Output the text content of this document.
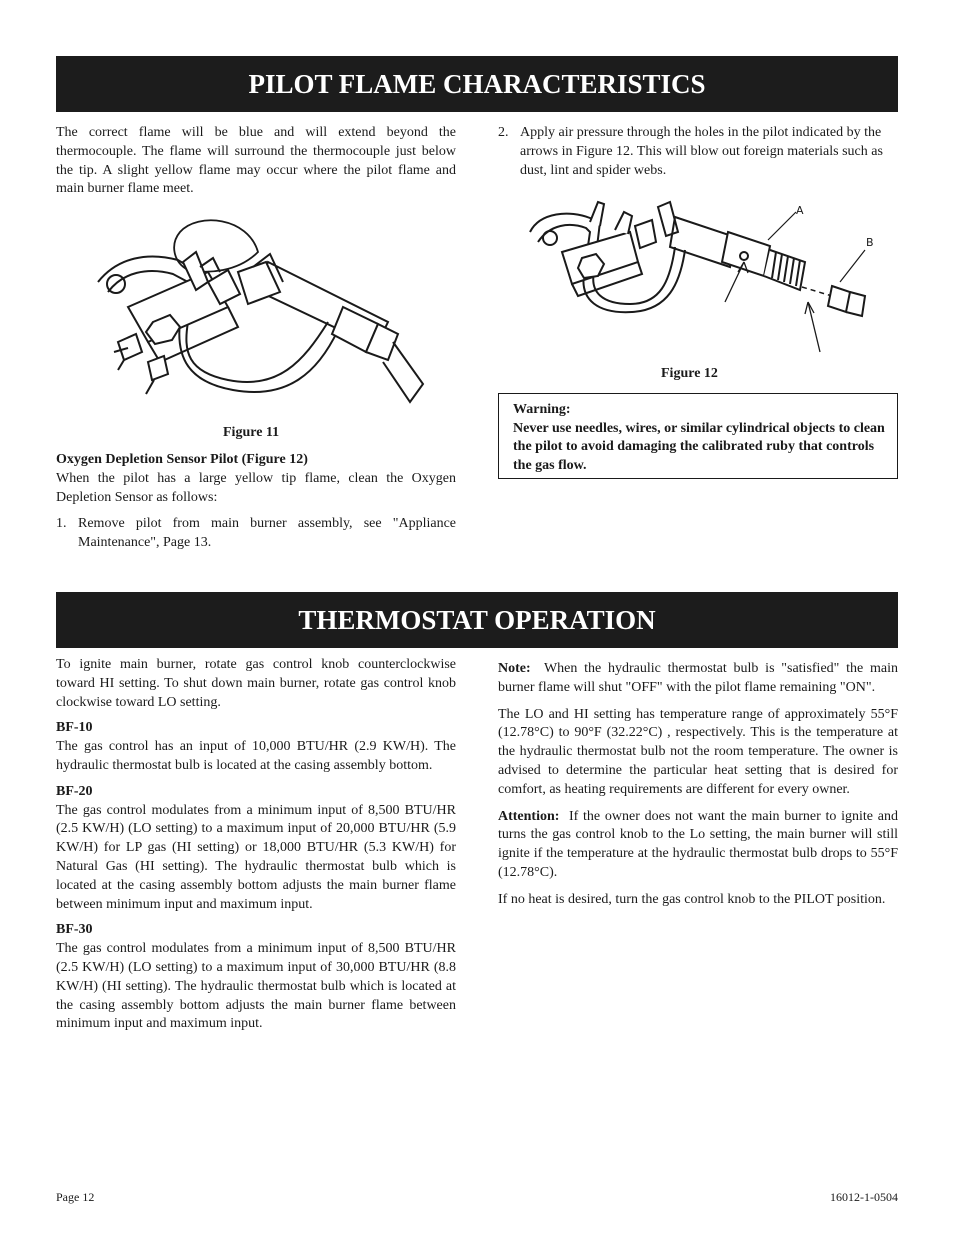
PILOT FLAME CHARACTERISTICS

The correct flame will be blue and will extend beyond the thermocouple. The flame will surround the thermocouple just below the tip. A slight yellow flame may occur where the pilot flame and main burner flame meet.

Figure 11

Oxygen Depletion Sensor Pilot (Figure 12)

When the pilot has a large yellow tip flame, clean the Oxygen Depletion Sensor as follows:

1. Remove pilot from main burner assembly, see "Appliance Maintenance", Page 13.
2. Apply air pressure through the holes in the pilot indicated by the arrows in Figure 12. This will blow out foreign materials such as dust, lint and spider webs.
A
B
Figure 12

Warning:

Never use needles, wires, or similar cylindrical objects to clean the pilot to avoid damaging the calibrated ruby that controls the gas flow.

THERMOSTAT OPERATION

To ignite main burner, rotate gas control knob counterclockwise toward HI setting. To shut down main burner, rotate gas control knob clockwise toward LO setting.

BF-10

The gas control has an input of 10,000 BTU/HR (2.9 KW/H). The hydraulic thermostat bulb is located at the casing assembly bottom.

BF-20

The gas control modulates from a minimum input of 8,500 BTU/HR (2.5 KW/H) (LO setting) to a maximum input of 20,000 BTU/HR (5.9 KW/H) for LP gas (HI setting) or 18,000 BTU/HR (5.3 KW/H) for Natural Gas (HI setting). The hydraulic thermostat bulb which is located at the casing assembly bottom adjusts the main burner flame between minimum input and maximum input.

BF-30

The gas control modulates from a minimum input of 8,500 BTU/HR (2.5 KW/H) (LO setting) to a maximum input of 30,000 BTU/HR (8.8 KW/H) (HI setting). The hydraulic thermostat bulb which is located at the casing assembly bottom adjusts the main burner flame between minimum input and maximum input.

Note: When the hydraulic thermostat bulb is "satisfied" the main burner flame will shut "OFF" with the pilot flame remaining "ON".

The LO and HI setting has temperature range of approximately 55°F (12.78°C) to 90°F (32.22°C) , respectively. This is the temperature at the hydraulic thermostat bulb not the room temperature. The owner is advised to determine the particular heat setting that is desired for comfort, as heating requirements are different for every owner.

Attention: If the owner does not want the main burner to ignite and turns the gas control knob to the Lo setting, the main burner will still ignite if the temperature at the hydraulic thermostat bulb drops to 55°F (12.78°C).

If no heat is desired, turn the gas control knob to the PILOT position.

Page 12	16012-1-0504
